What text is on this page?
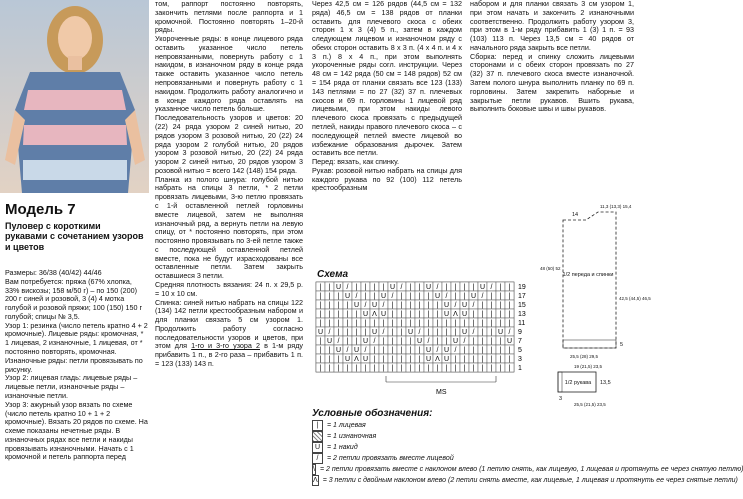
Модель 7
Пуловер с короткими рукавами с сочетанием узоров и цветов

Размеры: 36/38 (40/42) 44/46

Вам потребуется: пряжа (67% хлопка, 33% вискозы; 158 м/50 г) – по 150 (200) 200 г синей и розовой, 3 (4) 4 мотка голубой и розовой пряжи; 100 (150) 150 г голубой; спицы № 3,5.

Узор 1: резинка (число петель кратно 4 + 2 кромочные). Лицевые ряды: кромочная, * 1 лицевая, 2 изнаночные, 1 лицевая, от * постоянно повторять, кромочная. Изнаночные ряды: петли провязывать по рисунку.

Узор 2: лицевая гладь: лицевые ряды – лицевые петли, изнаночные ряды – изнаночные петли.

Узор 3: ажурный узор вязать по схеме (число петель кратно 10 + 1 + 2 кромочные). Вязать 20 рядов по схеме. На схеме показаны нечетные ряды. В изнаночных рядах все петли и накиды провязывать изнаночными. Начать с 1 кромочной и петель раппорта перед

том, раппорт постоянно повторять, закончить петлями после раппорта и 1 кромочной. Постоянно повторять 1–20-й ряды.

Укороченные ряды: в конце лицевого ряда оставить указанное число петель непровязанными, повернуть работу с 1 накидом, в изнаночном ряду в конце ряда также оставить указанное число петель непровязанными и повернуть работу с 1 накидом. Продолжить работу аналогично и в конце каждого ряда оставлять на указанное число петель больше.

Последовательность узоров и цветов: 20 (22) 24 ряда узором 2 синей нитью, 20 рядов узором 3 розовой нитью, 20 (22) 24 ряда узором 2 голубой нитью, 20 рядов узором 3 розовой нитью, 20 (22) 24 ряда узором 2 синей нитью, 20 рядов узором 3 розовой нитью = всего 142 (148) 154 ряда.

Планка из полого шнура: голубой нитью набрать на спицы 3 петли, * 2 петли провязать лицевыми, 3-ю петлю провязать с 1-й оставленной петлей горловины вместе лицевой, затем не выполняя изнаночный ряд, а вернуть петли на левую спицу, от * постоянно повторять, при этом постоянно провязывать по 3-ей петле также с последующей оставленной петлей вместе, пока не будут израсходованы все оставленные петли. Затем закрыть оставшиеся 3 петли.

Средняя плотность вязания: 24 п. x 29,5 р. = 10 x 10 см.

Спинка: синей нитью набрать на спицы 122 (134) 142 петли крестообразным набором и для планки связать 5 см узором 1. Продолжить работу согласно последовательности узоров и цветов, при этом для 1-го и 3-го узора 2 в 1-м ряду прибавить 1 п., в 2-го раза – прибавить 1 п. = 123 (133) 143 п.

Через 42,5 см = 126 рядов (44,5 см = 132 ряда) 46,5 см = 138 рядов от планки оставить для плечевого скоса с обеих сторон 1 x 3 (4) 5 п., затем в каждом следующем лицевом и изнаночном ряду с обеих сторон оставить 8 x 3 п. (4 x 4 п. и 4 x 3 п.) 8 x 4 п., при этом выполнять укороченные ряды согл. инструкции. Через 48 см = 142 ряда (50 см = 148 рядов) 52 см = 154 ряда от планки связать все 123 (133) 143 петлями = по 27 (32) 37 п. плечевых скосов и 69 п. горловины 1 лицевой ряд лицевыми, при этом накиды левого плечевого скоса провязать с предыдущей петлей, накиды правого плечевого скоса – с последующей петлей вместе лицевой во избежание образования дырочек. Затем оставить все петли.

Перед: вязать, как спинку.

Рукав: розовой нитью набрать на спицы для каждого рукава по 92 (100) 112 петель крестообразным

набором и для планки связать 3 см узором 1, при этом начать и закончить 2 изнаночными соответственно. Продолжить работу узором 3, при этом в 1-м ряду прибавить 1 (3) 1 п. = 93 (103) 113 п. Через 13,5 см = 40 рядов от начального ряда закрыть все петли.

Сборка: перед и спинку сложить лицевыми сторонами и с обеих сторон провязать по 27 (32) 37 п. плечевого скоса вместе изнаночной. Затем полого шнура выполнить планку по 69 п. горловины. Затем закрепить наборные и закрытые петли рукавов. Вшить рукава, выполнить боковые швы и швы рукавов.

Схема
| | U / | | | | U / | | U / | | | | U / | |
| | | U / | | U / | | | | U / | | U / | | |
| | | | U / U / | | | | | | U / U / | | | |
| | | | | U Λ U | | | | | | U Λ U | | | | |
| | | | | | | | | | | | | | | | | | | | | |
U / | | | | U / | | U / | | | | U / | | U /
| U / | | U / | | | | U / | | U / | | | | U
| | U / U / | | | | | | U / U / | | | | | |
| | | U Λ U | | | | | | U Λ U | | | | | | |
| | | | | | | | | | | | | | | | | | | | | |
19
17
15
13
11
9
7
5
3
1
MS
1/2 переда и спинки
14
11,3 (13,3) 15,4
48 (50) 52
42,5 (44,5) 46,5
5
25,5 (28) 29,5
19 (21,5) 23,5
1/2 рукава 13,5
3
25,5 (21,5) 23,5
Условные обозначения:
|	= 1 лицевая
= 1 изнаночная
U = 1 накид
/	= 2 петли провязать вместе лицевой
\ = 2 петли провязать вместе с наклоном влево (1 петлю снять, как лицевую, 1 лицевая и протянуть ее через снятую петлю)
Λ = 3 петли с двойным наклоном влево (2 петли снять вместе, как лицевые, 1 лицевая и протянуть ее через снятые петли)
